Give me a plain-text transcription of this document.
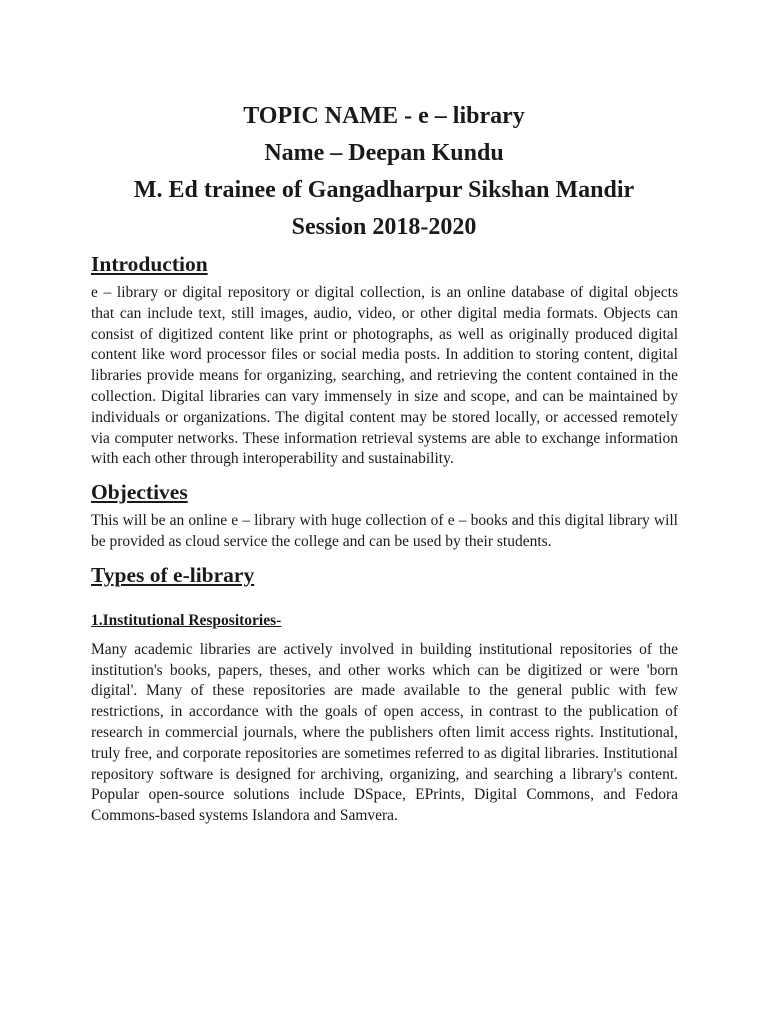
TOPIC NAME - e – library
Name – Deepan Kundu
M. Ed trainee of Gangadharpur Sikshan Mandir
Session 2018-2020
Introduction

e – library or digital repository or digital collection, is an online database of digital objects that can include text, still images, audio, video, or other digital media formats. Objects can consist of digitized content like print or photographs, as well as originally produced digital content like word processor files or social media posts. In addition to storing content, digital libraries provide means for organizing, searching, and retrieving the content contained in the collection. Digital libraries can vary immensely in size and scope, and can be maintained by individuals or organizations. The digital content may be stored locally, or accessed remotely via computer networks. These information retrieval systems are able to exchange information with each other through interoperability and sustainability.

Objectives

This will be an online e – library with huge collection of e – books and this digital library will be provided as cloud service the college and can be used by their students.

Types of e-library
1.Institutional Respositories-

Many academic libraries are actively involved in building institutional repositories of the institution's books, papers, theses, and other works which can be digitized or were 'born digital'. Many of these repositories are made available to the general public with few restrictions, in accordance with the goals of open access, in contrast to the publication of research in commercial journals, where the publishers often limit access rights. Institutional, truly free, and corporate repositories are sometimes referred to as digital libraries. Institutional repository software is designed for archiving, organizing, and searching a library's content. Popular open-source solutions include DSpace, EPrints, Digital Commons, and Fedora Commons-based systems Islandora and Samvera.
